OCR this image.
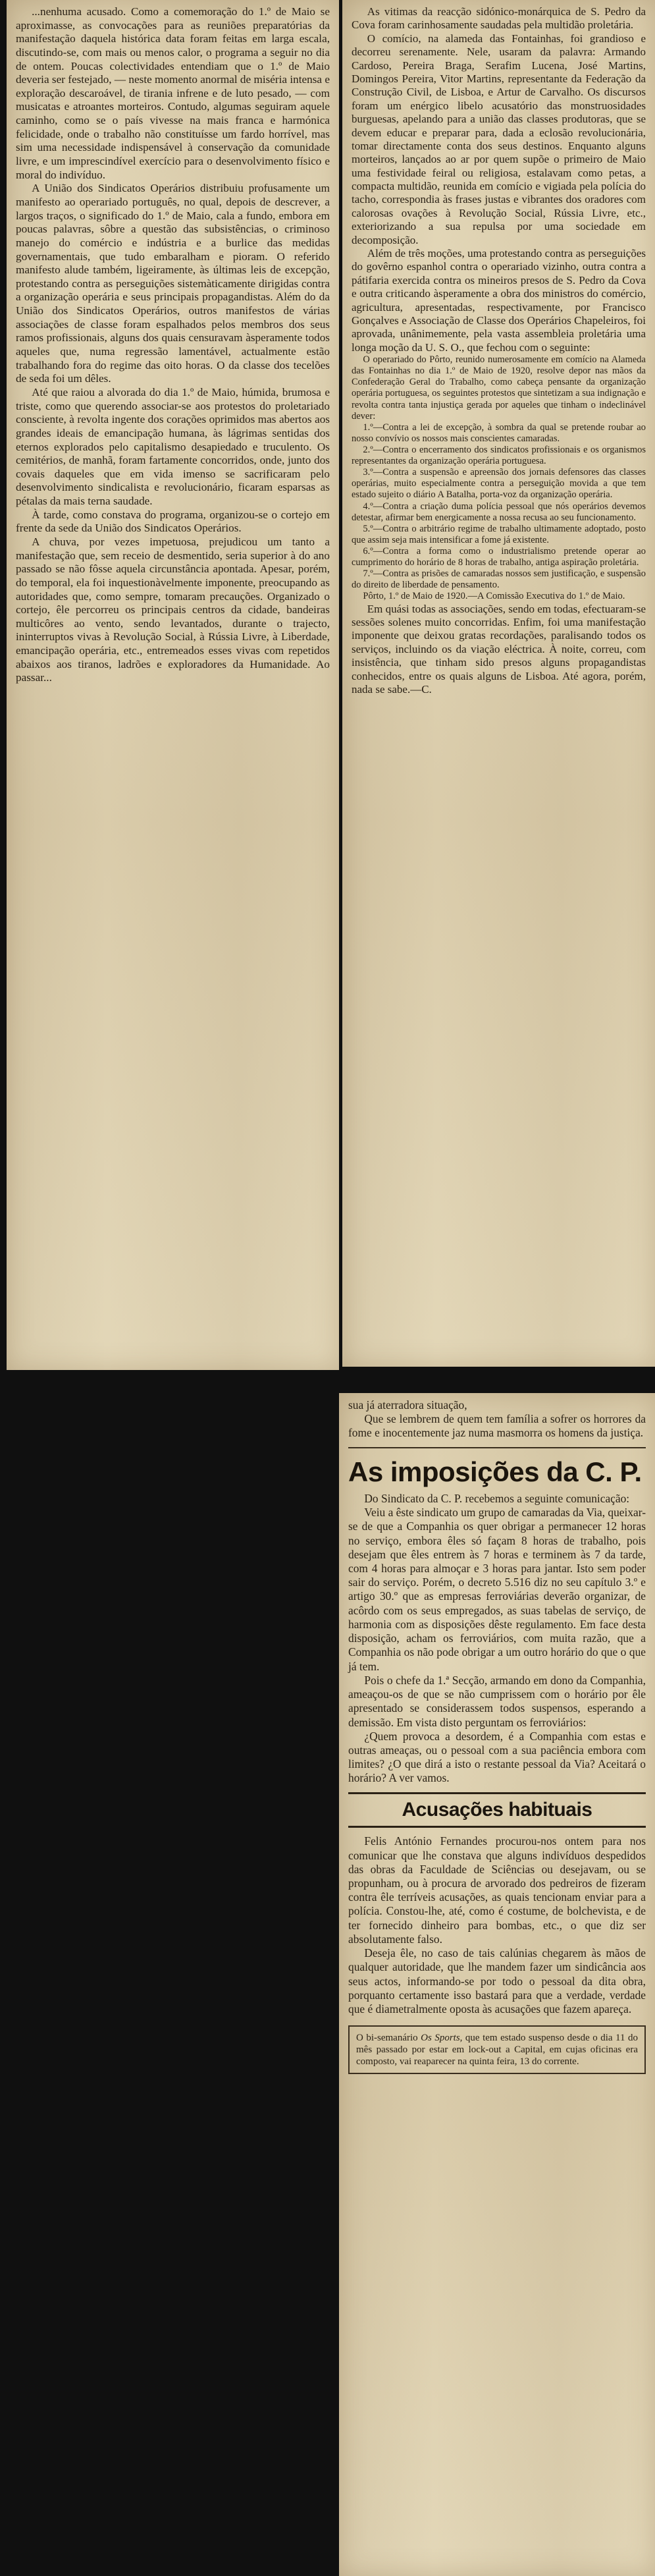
...nenhuma acusado. Como a comemoração do 1.º de Maio se aproximasse, as convocações para as reuniões preparatórias da manifestação daquela histórica data foram feitas em larga escala, discutindo-se, com mais ou menos calor, o programa a seguir no dia de ontem. Poucas colectividades entendiam que o 1.º de Maio deveria ser festejado, — neste momento anormal de miséria intensa e exploração descaroável, de tirania infrene e de luto pesado, — com musicatas e atroantes morteiros. Contudo, algumas seguiram aquele caminho, como se o país vivesse na mais franca e harmónica felicidade, onde o trabalho não constituísse um fardo horrível, mas sim uma necessidade indispensável à conservação da comunidade livre, e um imprescindível exercício para o desenvolvimento físico e moral do indivíduo.

A União dos Sindicatos Operários distribuiu profusamente um manifesto ao operariado português, no qual, depois de descrever, a largos traços, o significado do 1.º de Maio, cala a fundo, embora em poucas palavras, sôbre a questão das subsistências, o criminoso manejo do comércio e indústria e a burlice das medidas governamentais, que tudo embaralham e pioram. O referido manifesto alude também, ligeiramente, às últimas leis de excepção, protestando contra as perseguições sistemàticamente dirigidas contra a organização operária e seus principais propagandistas. Além do da União dos Sindicatos Operários, outros manifestos de várias associações de classe foram espalhados pelos membros dos seus ramos profissionais, alguns dos quais censuravam àsperamente todos aqueles que, numa regressão lamentável, actualmente estão trabalhando fora do regime das oito horas. O da classe dos tecelões de seda foi um dêles.

Até que raiou a alvorada do dia 1.º de Maio, húmida, brumosa e triste, como que querendo associar-se aos protestos do proletariado consciente, à revolta ingente dos corações oprimidos mas abertos aos grandes ideais de emancipação humana, às lágrimas sentidas dos eternos explorados pelo capitalismo desapiedado e truculento. Os cemitérios, de manhã, foram fartamente concorridos, onde, junto dos covais daqueles que em vida imenso se sacrificaram pelo desenvolvimento sindicalista e revolucionário, ficaram esparsas as pétalas da mais terna saudade.

À tarde, como constava do programa, organizou-se o cortejo em frente da sede da União dos Sindicatos Operários.

A chuva, por vezes impetuosa, prejudicou um tanto a manifestação que, sem receio de desmentido, seria superior à do ano passado se não fôsse aquela circunstância apontada. Apesar, porém, do temporal, ela foi inquestionàvelmente imponente, preocupando as autoridades que, como sempre, tomaram precauções. Organizado o cortejo, êle percorreu os principais centros da cidade, bandeiras multicôres ao vento, sendo levantados, durante o trajecto, ininterruptos vivas à Revolução Social, à Rússia Livre, à Liberdade, emancipação operária, etc., entremeados esses vivas com repetidos abaixos aos tiranos, ladrões e exploradores da Humanidade. Ao passar...

As vitimas da reacção sidónico-monárquica de S. Pedro da Cova foram carinhosamente saudadas pela multidão proletária.

O comício, na alameda das Fontainhas, foi grandioso e decorreu serenamente. Nele, usaram da palavra: Armando Cardoso, Pereira Braga, Serafim Lucena, José Martins, Domingos Pereira, Vitor Martins, representante da Federação da Construção Civil, de Lisboa, e Artur de Carvalho. Os discursos foram um enérgico libelo acusatório das monstruosidades burguesas, apelando para a união das classes produtoras, que se devem educar e preparar para, dada a eclosão revolucionária, tomar directamente conta dos seus destinos. Enquanto alguns morteiros, lançados ao ar por quem supõe o primeiro de Maio uma festividade feiral ou religiosa, estalavam como petas, a compacta multidão, reunida em comício e vigiada pela polícia do tacho, correspondia às frases justas e vibrantes dos oradores com calorosas ovações à Revolução Social, Rússia Livre, etc., exteriorizando a sua repulsa por uma sociedade em decomposição.

Além de três moções, uma protestando contra as perseguições do govêrno espanhol contra o operariado vizinho, outra contra a pátifaria exercida contra os mineiros presos de S. Pedro da Cova e outra criticando àsperamente a obra dos ministros do comércio, agricultura, apresentadas, respectivamente, por Francisco Gonçalves e Associação de Classe dos Operários Chapeleiros, foi aprovada, unânimemente, pela vasta assembleia proletária uma longa moção da U. S. O., que fechou com o seguinte:

O operariado do Pôrto, reunido numerosamente em comício na Alameda das Fontainhas no dia 1.º de Maio de 1920, resolve depor nas mãos da Confederação Geral do Trabalho, como cabeça pensante da organização operária portuguesa, os seguintes protestos que sintetizam a sua indignação e revolta contra tanta injustiça gerada por aqueles que tinham o indeclinável dever:

1.º—Contra a lei de excepção, à sombra da qual se pretende roubar ao nosso convívio os nossos mais conscientes camaradas.

2.º—Contra o encerramento dos sindicatos profissionais e os organismos representantes da organização operária portuguesa.

3.º—Contra a suspensão e apreensão dos jornais defensores das classes operárias, muito especialmente contra a perseguição movida a que tem estado sujeito o diário A Batalha, porta-voz da organização operária.

4.º—Contra a criação duma polícia pessoal que nós operários devemos detestar, afirmar bem energicamente a nossa recusa ao seu funcionamento.

5.º—Contra o arbitrário regime de trabalho ultimamente adoptado, posto que assim seja mais intensificar a fome já existente.

6.º—Contra a forma como o industrialismo pretende operar ao cumprimento do horário de 8 horas de trabalho, antiga aspiração proletária.

7.º—Contra as prisões de camaradas nossos sem justificação, e suspensão do direito de liberdade de pensamento.

Pôrto, 1.º de Maio de 1920.—A Comissão Executiva do 1.º de Maio.

Em quási todas as associações, sendo em todas, efectuaram-se sessões solenes muito concorridas. Enfim, foi uma manifestação imponente que deixou gratas recordações, paralisando todos os serviços, incluindo os da viação eléctrica. À noite, correu, com insistência, que tinham sido presos alguns propagandistas conhecidos, entre os quais alguns de Lisboa. Até agora, porém, nada se sabe.—C.

sua já aterradora situação,

Que se lembrem de quem tem família a sofrer os horrores da fome e inocentemente jaz numa masmorra os homens da justiça.

As imposições da C. P.

Do Sindicato da C. P. recebemos a seguinte comunicação:

Veiu a êste sindicato um grupo de camaradas da Via, queixar-se de que a Companhia os quer obrigar a permanecer 12 horas no serviço, embora êles só façam 8 horas de trabalho, pois desejam que êles entrem às 7 horas e terminem às 7 da tarde, com 4 horas para almoçar e 3 horas para jantar. Isto sem poder sair do serviço. Porém, o decreto 5.516 diz no seu capítulo 3.º e artigo 30.º que as empresas ferroviárias deverão organizar, de acôrdo com os seus empregados, as suas tabelas de serviço, de harmonia com as disposições dêste regulamento. Em face desta disposição, acham os ferroviários, com muita razão, que a Companhia os não pode obrigar a um outro horário do que o que já tem.

Pois o chefe da 1.ª Secção, armando em dono da Companhia, ameaçou-os de que se não cumprissem com o horário por êle apresentado se considerassem todos suspensos, esperando a demissão. Em vista disto perguntam os ferroviários:

¿Quem provoca a desordem, é a Companhia com estas e outras ameaças, ou o pessoal com a sua paciência embora com limites? ¿O que dirá a isto o restante pessoal da Via? Aceitará o horário? A ver vamos.

Acusações habituais

Felis António Fernandes procurou-nos ontem para nos comunicar que lhe constava que alguns indivíduos despedidos das obras da Faculdade de Sciências ou desejavam, ou se propunham, ou à procura de arvorado dos pedreiros de fizeram contra êle terríveis acusações, as quais tencionam enviar para a polícia. Constou-lhe, até, como é costume, de bolchevista, e de ter fornecido dinheiro para bombas, etc., o que diz ser absolutamente falso.

Deseja êle, no caso de tais calúnias chegarem às mãos de qualquer autoridade, que lhe mandem fazer um sindicância aos seus actos, informando-se por todo o pessoal da dita obra, porquanto certamente isso bastará para que a verdade, verdade que é diametralmente oposta às acusações que fazem apareça.

O bi-semanário Os Sports, que tem estado suspenso desde o dia 11 do mês passado por estar em lock-out a Capital, em cujas oficinas era composto, vai reaparecer na quinta feira, 13 do corrente.
